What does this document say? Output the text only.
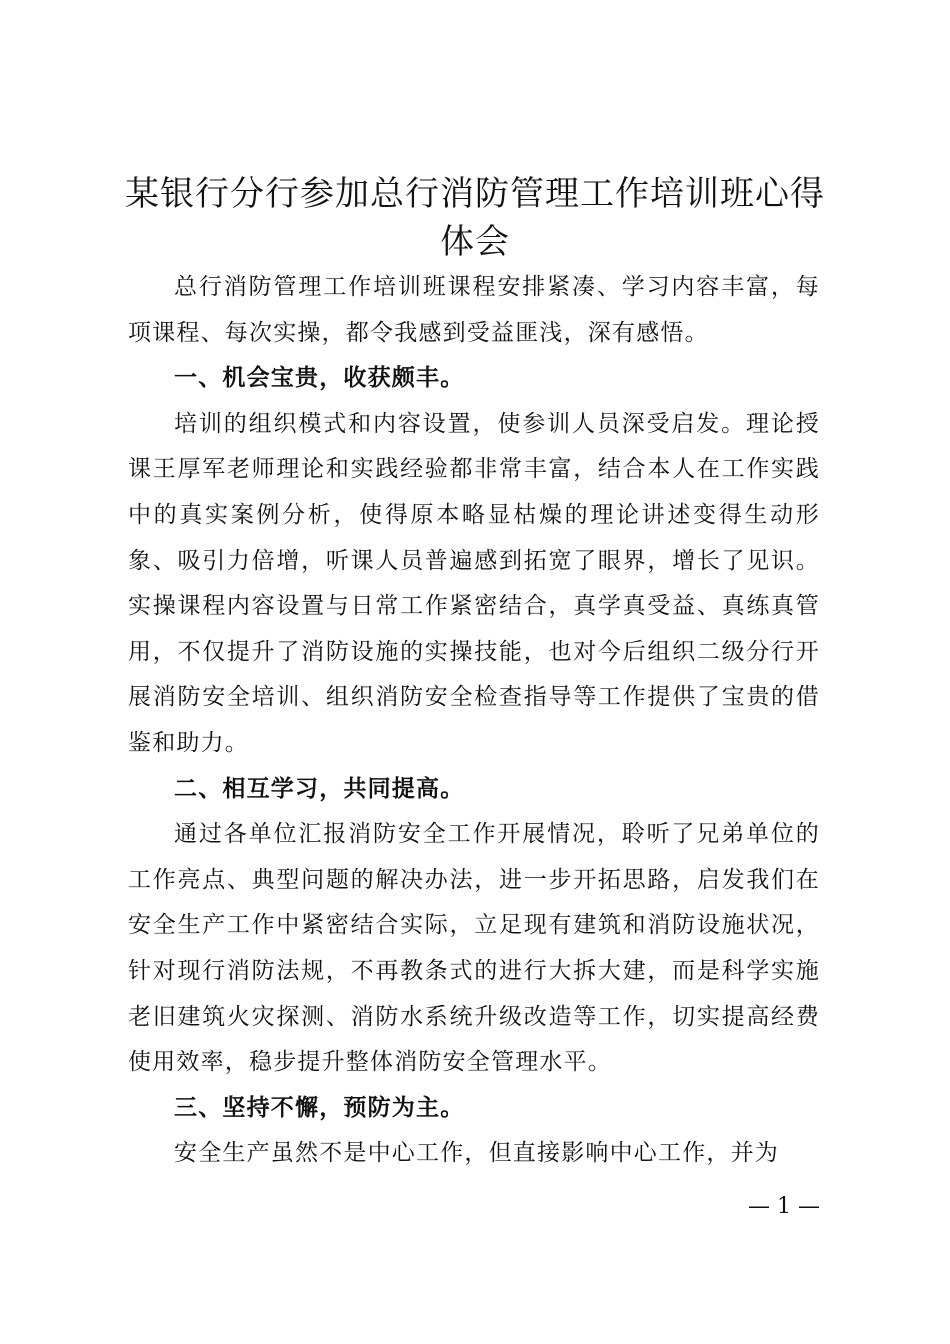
某银行分行参加总行消防管理工作培训班心得体会

总行消防管理工作培训班课程安排紧凑、学习内容丰富，每项课程、每次实操，都令我感到受益匪浅，深有感悟。

一、机会宝贵，收获颇丰。

培训的组织模式和内容设置，使参训人员深受启发。理论授课王厚军老师理论和实践经验都非常丰富，结合本人在工作实践中的真实案例分析，使得原本略显枯燥的理论讲述变得生动形象、吸引力倍增，听课人员普遍感到拓宽了眼界，增长了见识。实操课程内容设置与日常工作紧密结合，真学真受益、真练真管用，不仅提升了消防设施的实操技能，也对今后组织二级分行开展消防安全培训、组织消防安全检查指导等工作提供了宝贵的借鉴和助力。

二、相互学习，共同提高。

通过各单位汇报消防安全工作开展情况，聆听了兄弟单位的工作亮点、典型问题的解决办法，进一步开拓思路，启发我们在安全生产工作中紧密结合实际，立足现有建筑和消防设施状况，针对现行消防法规，不再教条式的进行大拆大建，而是科学实施老旧建筑火灾探测、消防水系统升级改造等工作，切实提高经费使用效率，稳步提升整体消防安全管理水平。

三、坚持不懈，预防为主。

安全生产虽然不是中心工作，但直接影响中心工作，并为

— 1 —
